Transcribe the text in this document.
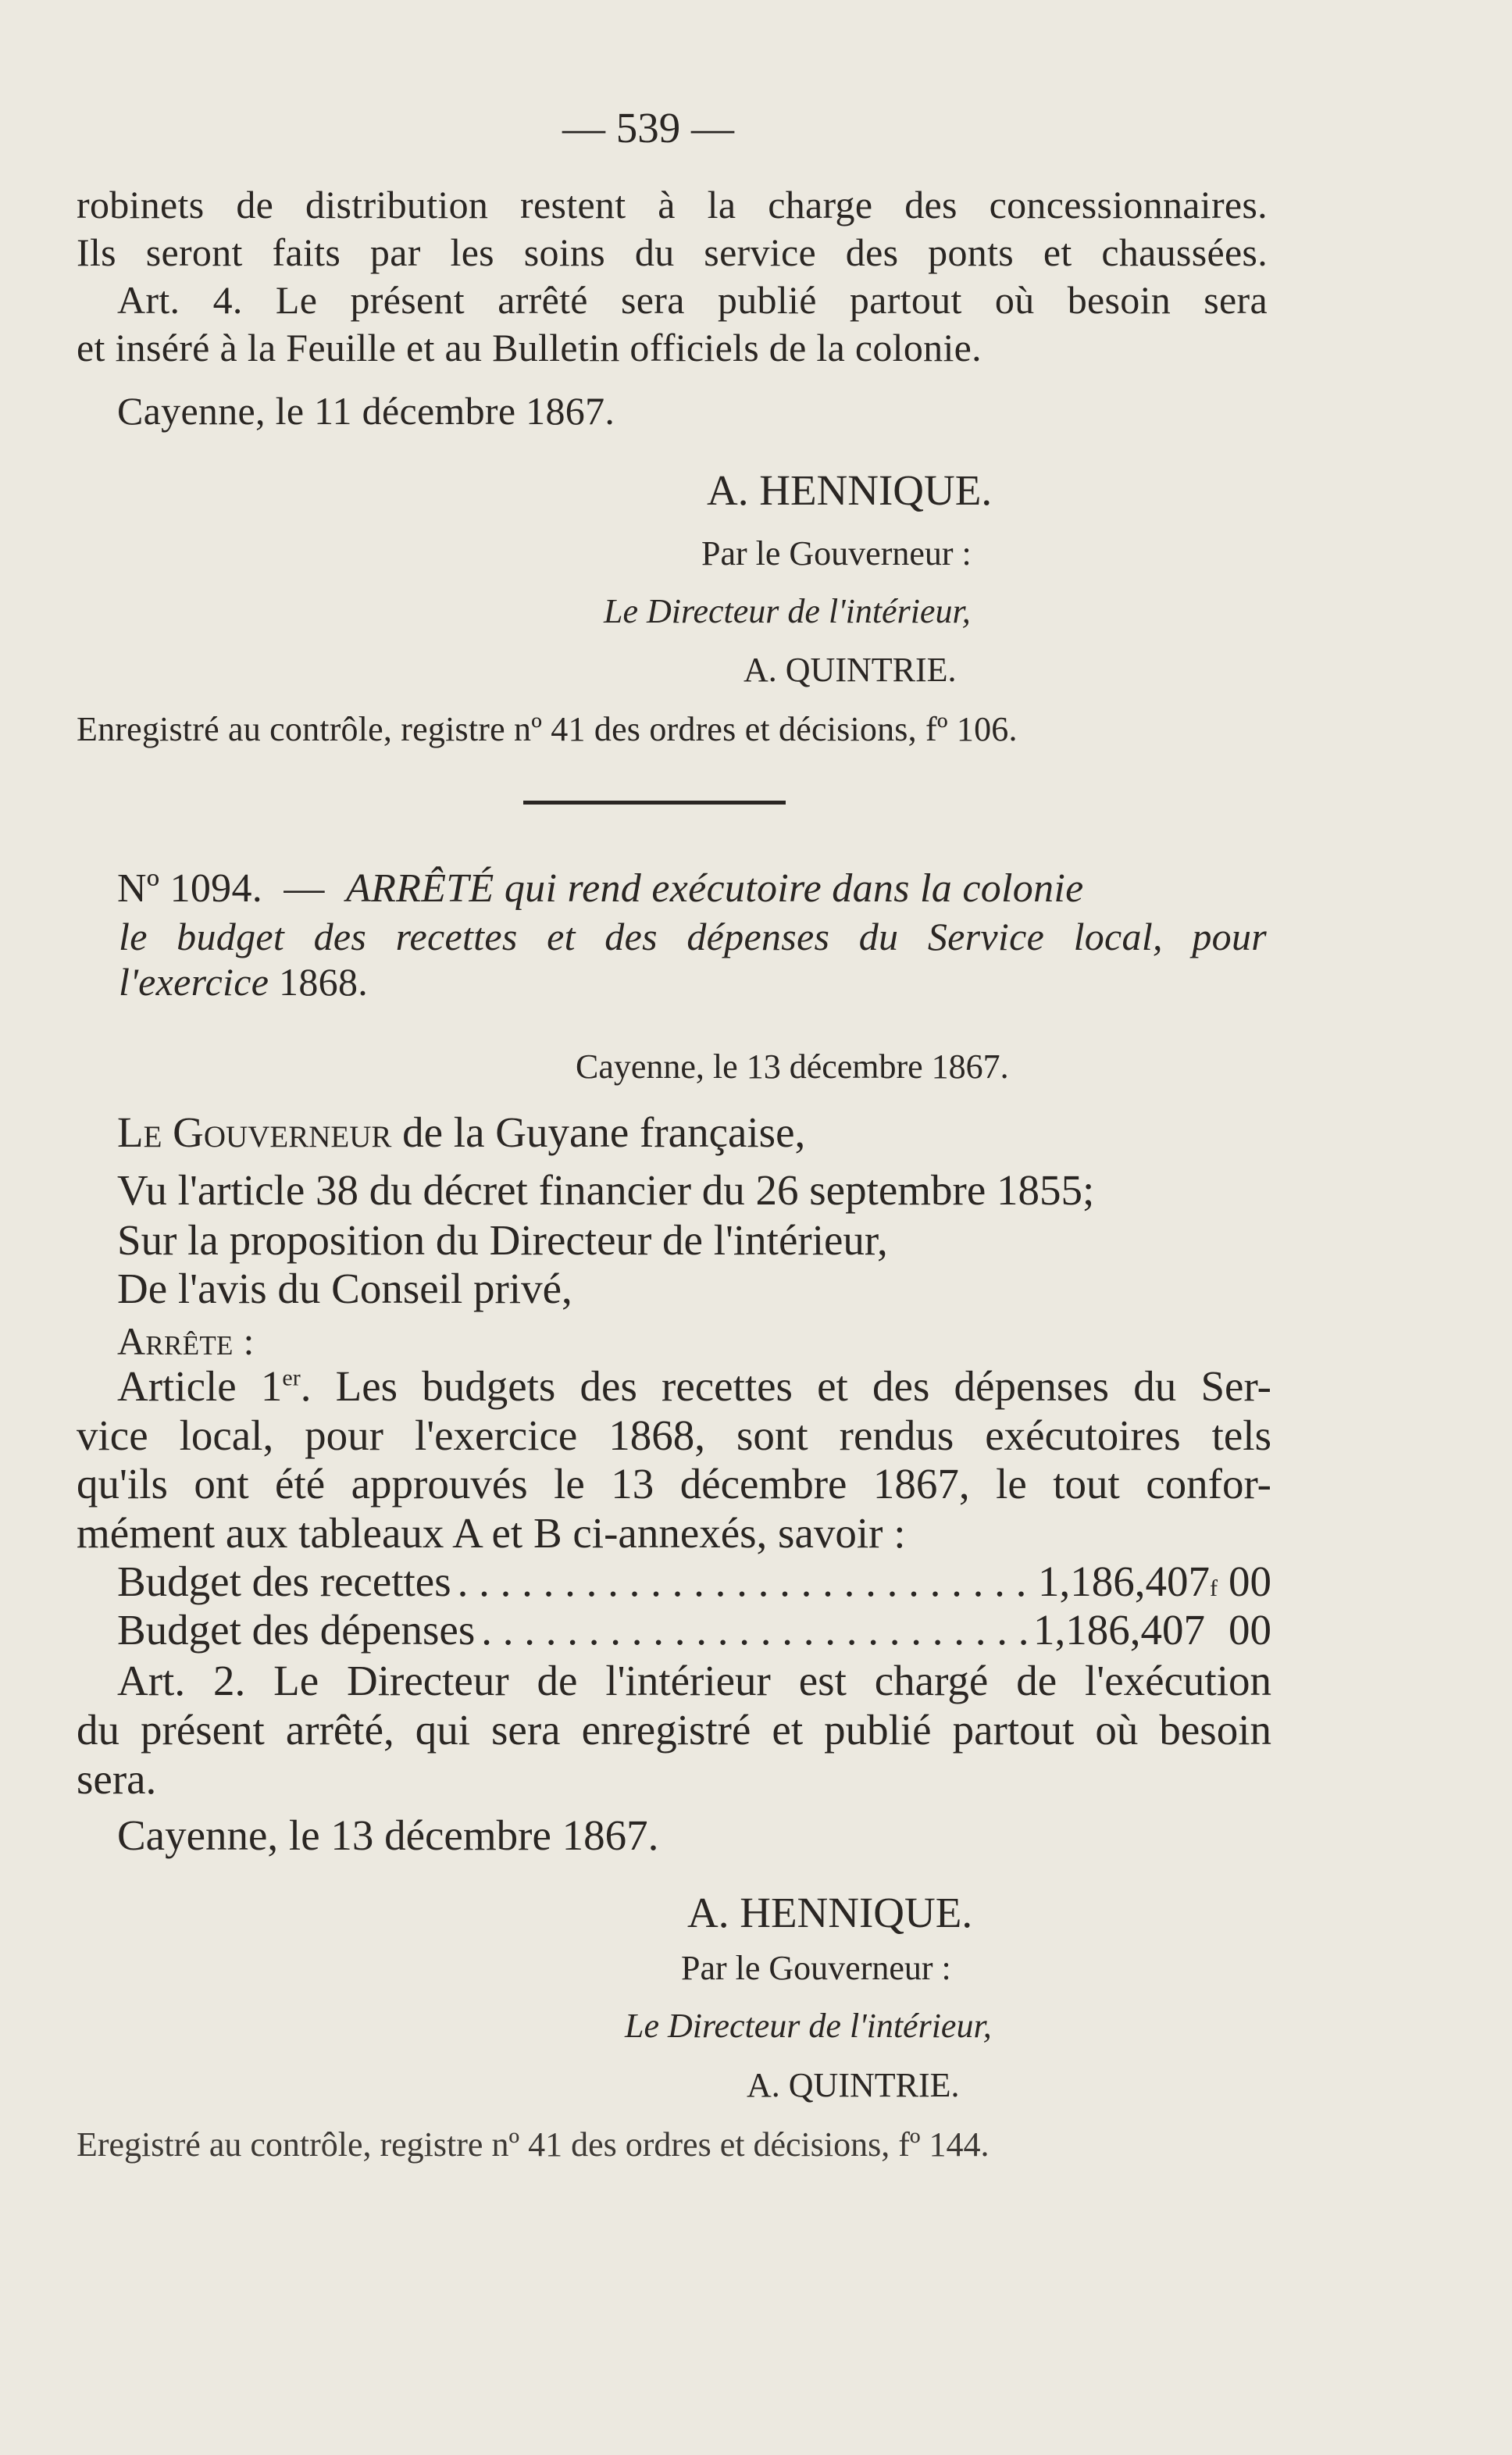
— 539 —
robinets de distribution restent à la charge des concessionnaires.
Ils seront faits par les soins du service des ponts et chaussées.
Art. 4. Le présent arrêté sera publié partout où besoin sera
et inséré à la Feuille et au Bulletin officiels de la colonie.
Cayenne, le 11 décembre 1867.
A. HENNIQUE.
Par le Gouverneur :
Le Directeur de l'intérieur,
A. QUINTRIE.
Enregistré au contrôle, registre nº 41 des ordres et décisions, fº 106.
Nº 1094. — ARRÊTÉ qui rend exécutoire dans la colonie
le budget des recettes et des dépenses du Service local, pour
l'exercice 1868.
Cayenne, le 13 décembre 1867.
Le Gouverneur de la Guyane française,
Vu l'article 38 du décret financier du 26 septembre 1855;
Sur la proposition du Directeur de l'intérieur,
De l'avis du Conseil privé,
Arrête :
Article 1er. Les budgets des recettes et des dépenses du Ser-
vice local, pour l'exercice 1868, sont rendus exécutoires tels
qu'ils ont été approuvés le 13 décembre 1867, le tout confor-
mément aux tableaux A et B ci-annexés, savoir :
Budget des recettes . . .	1,186,407 f 00
Budget des dépenses . . .	1,186,407 00
Art. 2. Le Directeur de l'intérieur est chargé de l'exécution
du présent arrêté, qui sera enregistré et publié partout où besoin
sera.
Cayenne, le 13 décembre 1867.
A. HENNIQUE.
Par le Gouverneur :
Le Directeur de l'intérieur,
A. QUINTRIE.
Eregistré au contrôle, registre nº 41 des ordres et décisions, fº 144.
